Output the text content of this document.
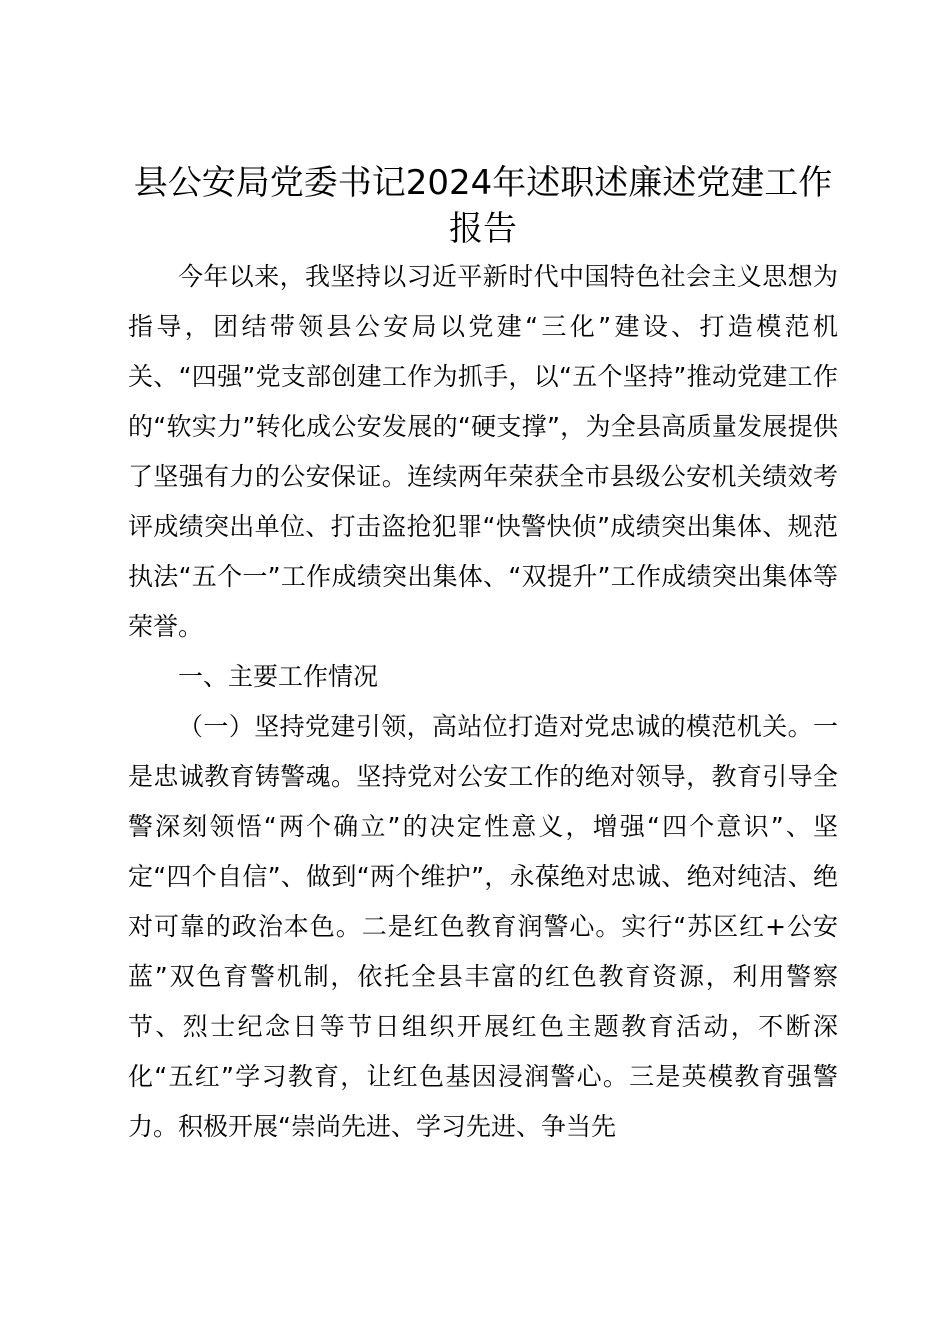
县公安局党委书记2024年述职述廉述党建工作报告

今年以来，我坚持以习近平新时代中国特色社会主义思想为指导，团结带领县公安局以党建“三化”建设、打造模范机关、“四强”党支部创建工作为抓手，以“五个坚持”推动党建工作的“软实力”转化成公安发展的“硬支撑”，为全县高质量发展提供了坚强有力的公安保证。连续两年荣获全市县级公安机关绩效考评成绩突出单位、打击盗抢犯罪“快警快侦”成绩突出集体、规范执法“五个一”工作成绩突出集体、“双提升”工作成绩突出集体等荣誉。

一、主要工作情况

（一）坚持党建引领，高站位打造对党忠诚的模范机关。一是忠诚教育铸警魂。坚持党对公安工作的绝对领导，教育引导全警深刻领悟“两个确立”的决定性意义，增强“四个意识”、坚定“四个自信”、做到“两个维护”，永葆绝对忠诚、绝对纯洁、绝对可靠的政治本色。二是红色教育润警心。实行“苏区红+公安蓝”双色育警机制，依托全县丰富的红色教育资源，利用警察节、烈士纪念日等节日组织开展红色主题教育活动，不断深化“五红”学习教育，让红色基因浸润警心。三是英模教育强警力。积极开展“崇尚先进、学习先进、争当先
